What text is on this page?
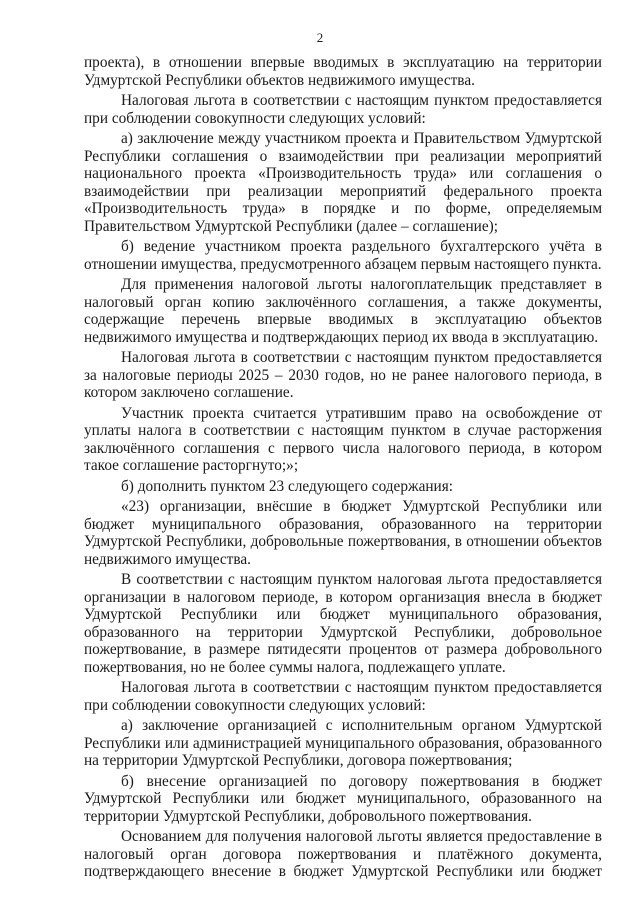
2

проекта), в отношении впервые вводимых в эксплуатацию на территории Удмуртской Республики объектов недвижимого имущества.

Налоговая льгота в соответствии с настоящим пунктом предоставляется при соблюдении совокупности следующих условий:

а) заключение между участником проекта и Правительством Удмуртской Республики соглашения о взаимодействии при реализации мероприятий национального проекта «Производительность труда» или соглашения о взаимодействии при реализации мероприятий федерального проекта «Производительность труда» в порядке и по форме, определяемым Правительством Удмуртской Республики (далее – соглашение);

б) ведение участником проекта раздельного бухгалтерского учёта в отношении имущества, предусмотренного абзацем первым настоящего пункта.

Для применения налоговой льготы налогоплательщик представляет в налоговый орган копию заключённого соглашения, а также документы, содержащие перечень впервые вводимых в эксплуатацию объектов недвижимого имущества и подтверждающих период их ввода в эксплуатацию.

Налоговая льгота в соответствии с настоящим пунктом предоставляется за налоговые периоды 2025 – 2030 годов, но не ранее налогового периода, в котором заключено соглашение.

Участник проекта считается утратившим право на освобождение от уплаты налога в соответствии с настоящим пунктом в случае расторжения заключённого соглашения с первого числа налогового периода, в котором такое соглашение расторгнуто;»;

б) дополнить пунктом 23 следующего содержания:

«23) организации, внёсшие в бюджет Удмуртской Республики или бюджет муниципального образования, образованного на территории Удмуртской Республики, добровольные пожертвования, в отношении объектов недвижимого имущества.

В соответствии с настоящим пунктом налоговая льгота предоставляется организации в налоговом периоде, в котором организация внесла в бюджет Удмуртской Республики или бюджет муниципального образования, образованного на территории Удмуртской Республики, добровольное пожертвование, в размере пятидесяти процентов от размера добровольного пожертвования, но не более суммы налога, подлежащего уплате.

Налоговая льгота в соответствии с настоящим пунктом предоставляется при соблюдении совокупности следующих условий:

а) заключение организацией с исполнительным органом Удмуртской Республики или администрацией муниципального образования, образованного на территории Удмуртской Республики, договора пожертвования;

б) внесение организацией по договору пожертвования в бюджет Удмуртской Республики или бюджет муниципального, образованного на территории Удмуртской Республики, добровольного пожертвования.

Основанием для получения налоговой льготы является предоставление в налоговый орган договора пожертвования и платёжного документа, подтверждающего внесение в бюджет Удмуртской Республики или бюджет
